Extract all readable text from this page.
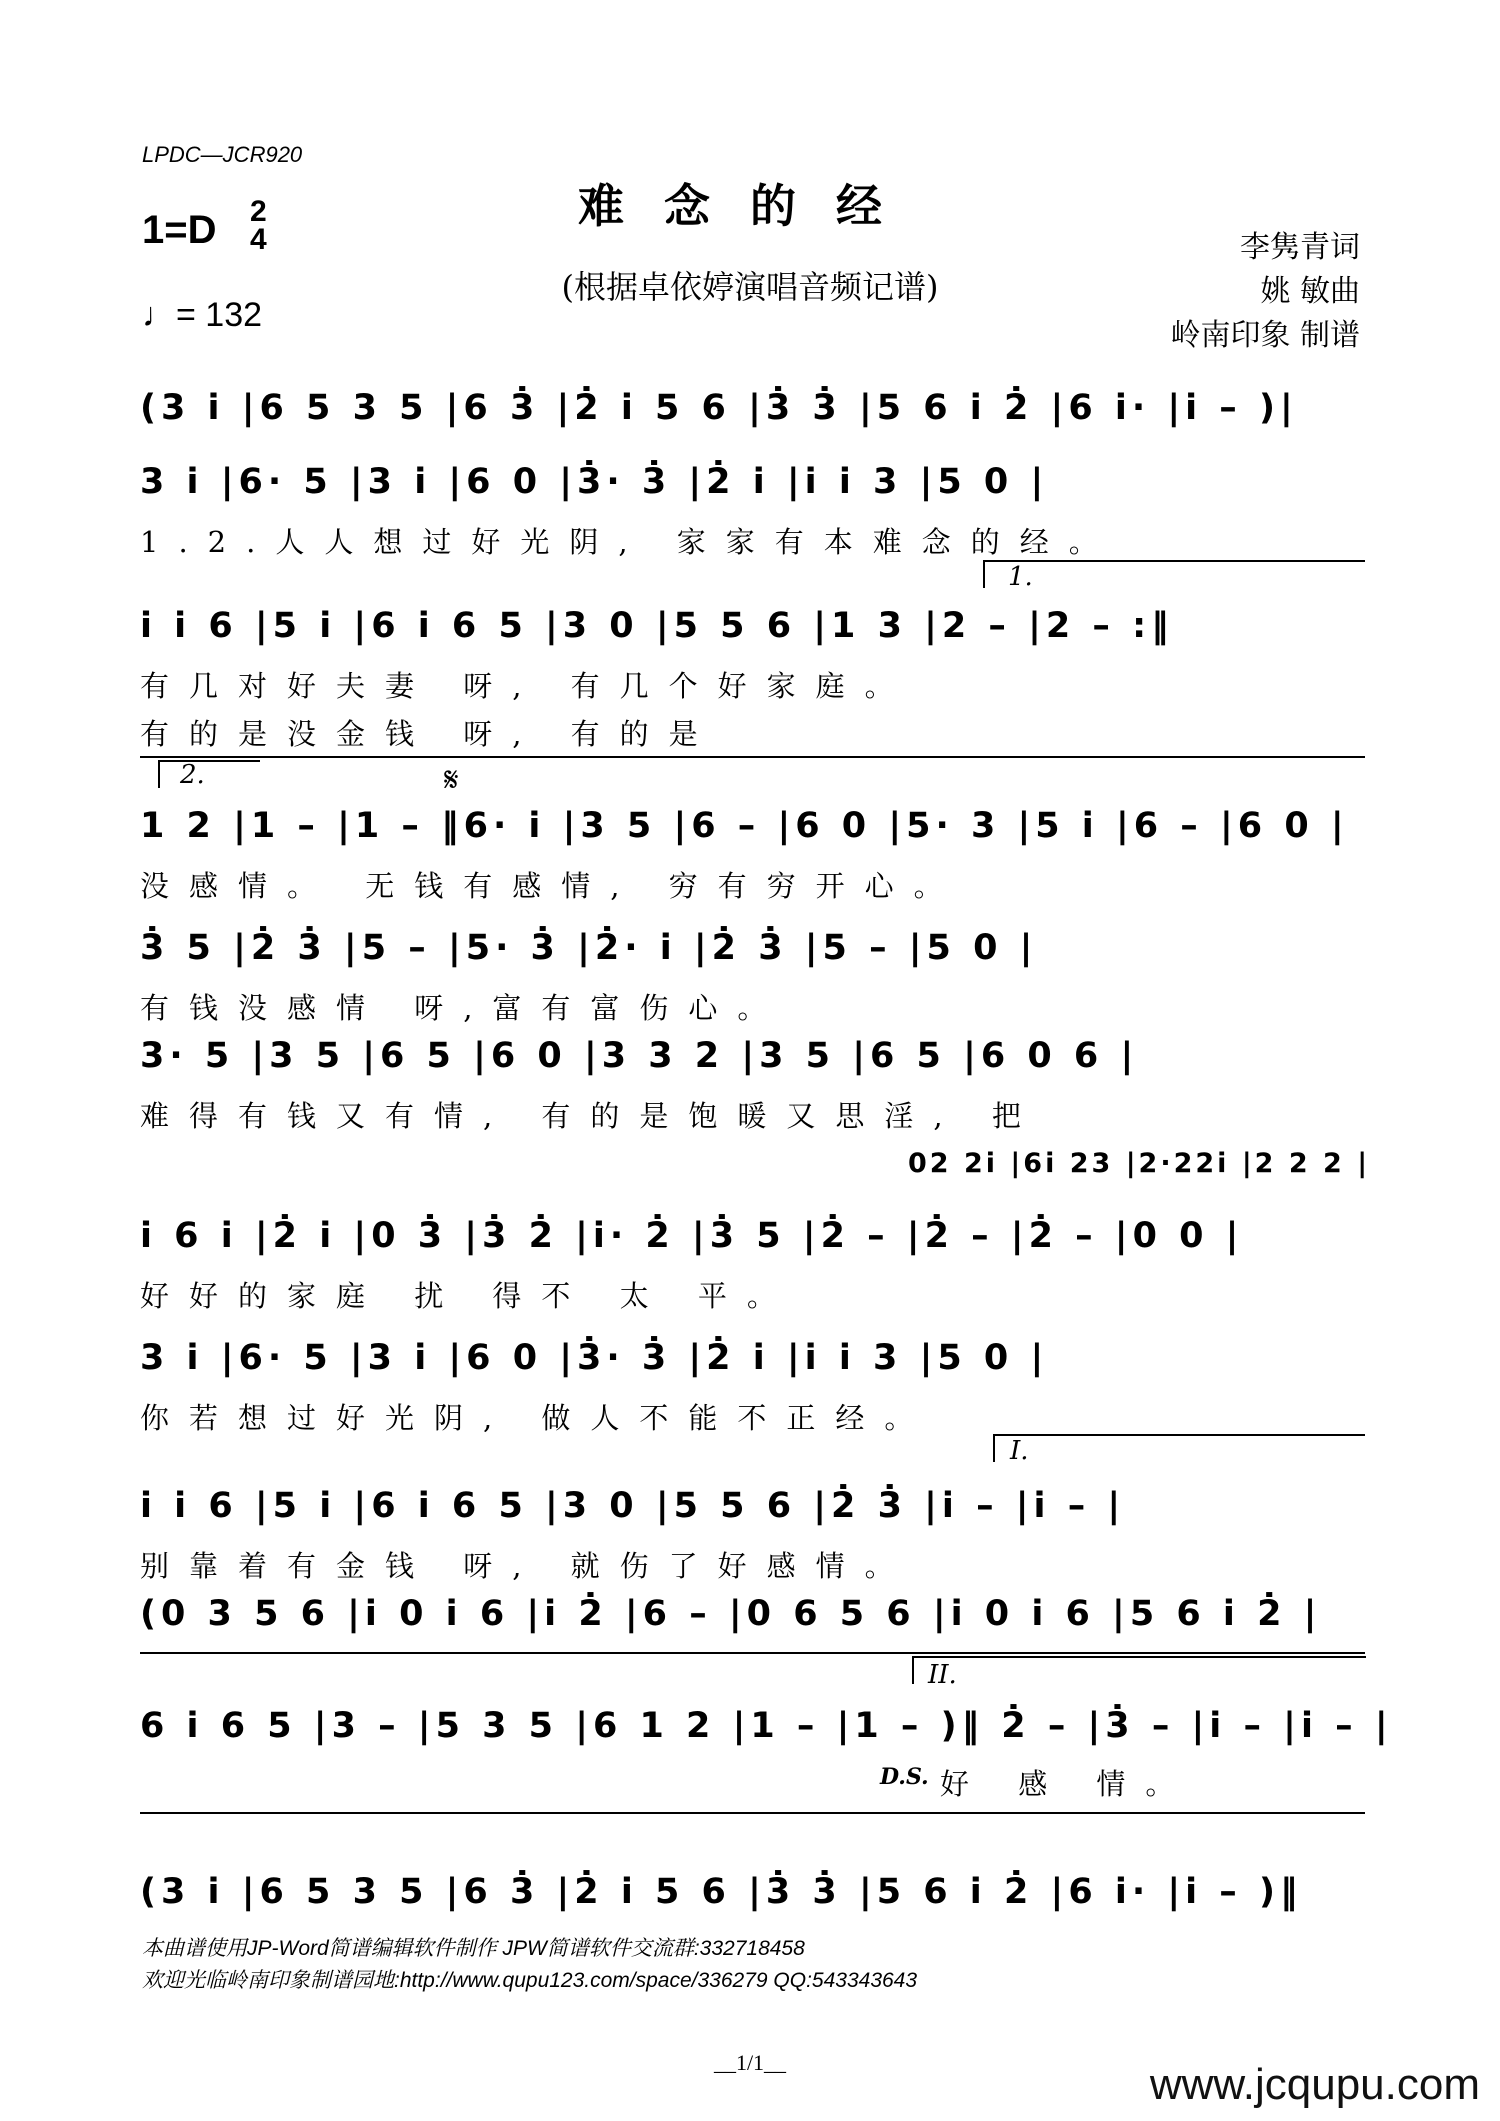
LPDC—JCR920
难念的经
(根据卓依婷演唱音频记谱)
1=D 2
4
♩= 132
李隽青词
姚 敏曲
岭南印象 制谱
(3 i |6 5 3 5 |6 3̇ |2̇ i 5 6 |3̇ 3̇ |5 6 i 2̇ |6 i· |i – )|
3 i |6· 5 |3 i |6 0 |3̇· 3̇ |2̇ i |i i 3 |5 0 |
1.2.人人想过好光阴, 家家有本难念的经。
1.
i i 6 |5 i |6 i 6 5 |3 0 |5 5 6 |1 3 |2 – |2 – :‖
有几对好夫妻 呀, 有几个好家庭。
有的是没金钱 呀, 有的是
2.	𝄋
1 2 |1 – |1 – ‖6· i |3 5 |6 – |6 0 |5· 3 |5 i |6 – |6 0 |
没感情。 无钱有感情, 穷有穷开心。
3̇ 5 |2̇ 3̇ |5 – |5· 3̇ |2̇· i |2̇ 3̇ |5 – |5 0 |
有钱没感情 呀,富有富伤心。
3· 5 |3 5 |6 5 |6 0 |3 3 2 |3 5 |6 5 |6 0 6 |
难得有钱又有情, 有的是饱暖又思淫, 把
02 2i |6i 23 |2·22i |2 2 2 |
i 6 i |2̇ i |0 3̇ |3̇ 2̇ |i· 2̇ |3̇ 5 |2̇ – |2̇ – |2̇ – |0 0 |
好好的家庭 扰 得不 太 平。
3 i |6· 5 |3 i |6 0 |3̇· 3̇ |2̇ i |i i 3 |5 0 |
你若想过好光阴, 做人不能不正经。
I.
i i 6 |5 i |6 i 6 5 |3 0 |5 5 6 |2̇ 3̇ |i – |i – |
别靠着有金钱 呀, 就伤了好感情。
(0 3 5 6 |i 0 i 6 |i 2̇ |6 – |0 6 5 6 |i 0 i 6 |5 6 i 2̇ |
II.
6 i 6 5 |3 – |5 3 5 |6 1 2 |1 – |1 – )‖ 2̇ – |3̇ – |i – |i – |
D.S. 好 感 情。
(3 i |6 5 3 5 |6 3̇ |2̇ i 5 6 |3̇ 3̇ |5 6 i 2̇ |6 i· |i – )‖
本曲谱使用JP-Word简谱编辑软件制作 JPW简谱软件交流群:332718458
欢迎光临岭南印象制谱园地:http://www.qupu123.com/space/336279 QQ:543343643
__1/1__	www.jcqupu.com
